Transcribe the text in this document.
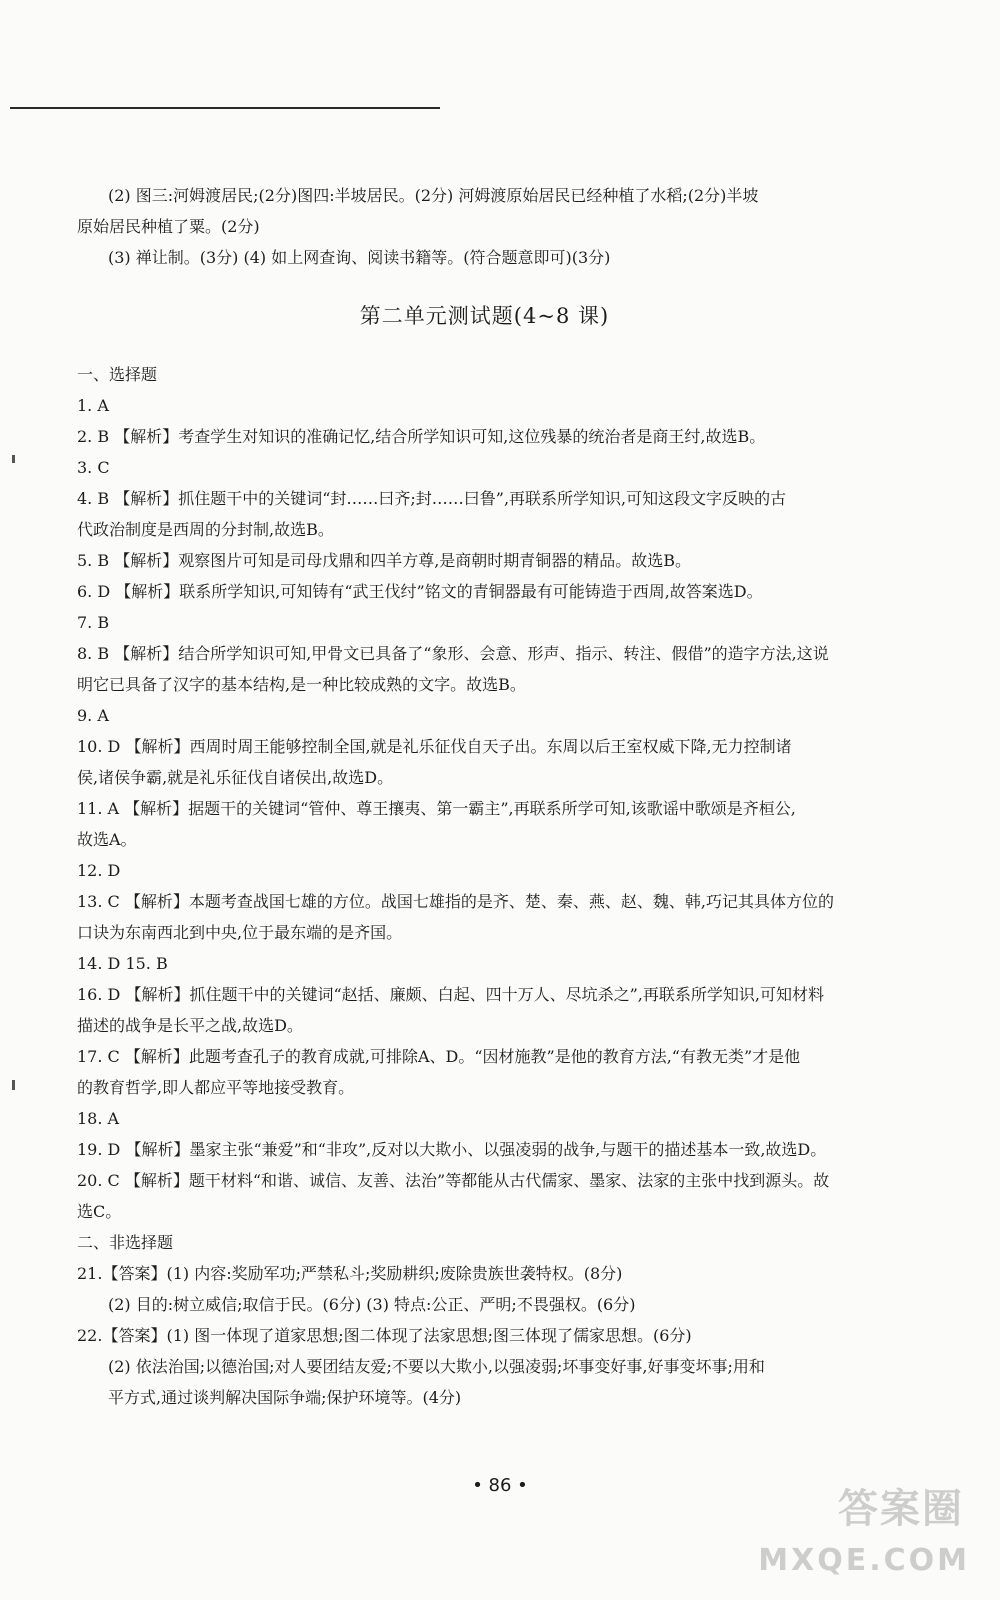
(2) 图三:河姆渡居民;(2分)图四:半坡居民。(2分) 河姆渡原始居民已经种植了水稻;(2分)半坡
原始居民种植了粟。(2分)
(3) 禅让制。(3分) (4) 如上网查询、阅读书籍等。(符合题意即可)(3分)
第二单元测试题(4~8 课)
一、选择题
1. A
2. B 【解析】考查学生对知识的准确记忆,结合所学知识可知,这位残暴的统治者是商王纣,故选B。
3. C
4. B 【解析】抓住题干中的关键词“封……曰齐;封……曰鲁”,再联系所学知识,可知这段文字反映的古
代政治制度是西周的分封制,故选B。
5. B 【解析】观察图片可知是司母戊鼎和四羊方尊,是商朝时期青铜器的精品。故选B。
6. D 【解析】联系所学知识,可知铸有“武王伐纣”铭文的青铜器最有可能铸造于西周,故答案选D。
7. B
8. B 【解析】结合所学知识可知,甲骨文已具备了“象形、会意、形声、指示、转注、假借”的造字方法,这说
明它已具备了汉字的基本结构,是一种比较成熟的文字。故选B。
9. A
10. D 【解析】西周时周王能够控制全国,就是礼乐征伐自天子出。东周以后王室权威下降,无力控制诸
侯,诸侯争霸,就是礼乐征伐自诸侯出,故选D。
11. A 【解析】据题干的关键词“管仲、尊王攘夷、第一霸主”,再联系所学可知,该歌谣中歌颂是齐桓公,
故选A。
12. D
13. C 【解析】本题考查战国七雄的方位。战国七雄指的是齐、楚、秦、燕、赵、魏、韩,巧记其具体方位的
口诀为东南西北到中央,位于最东端的是齐国。
14. D 15. B
16. D 【解析】抓住题干中的关键词“赵括、廉颇、白起、四十万人、尽坑杀之”,再联系所学知识,可知材料
描述的战争是长平之战,故选D。
17. C 【解析】此题考查孔子的教育成就,可排除A、D。“因材施教”是他的教育方法,“有教无类”才是他
的教育哲学,即人都应平等地接受教育。
18. A
19. D 【解析】墨家主张“兼爱”和“非攻”,反对以大欺小、以强凌弱的战争,与题干的描述基本一致,故选D。
20. C 【解析】题干材料“和谐、诚信、友善、法治”等都能从古代儒家、墨家、法家的主张中找到源头。故
选C。
二、非选择题
21.【答案】(1) 内容:奖励军功;严禁私斗;奖励耕织;废除贵族世袭特权。(8分)
(2) 目的:树立威信;取信于民。(6分) (3) 特点:公正、严明;不畏强权。(6分)
22.【答案】(1) 图一体现了道家思想;图二体现了法家思想;图三体现了儒家思想。(6分)
(2) 依法治国;以德治国;对人要团结友爱;不要以大欺小,以强凌弱;坏事变好事,好事变坏事;用和
平方式,通过谈判解决国际争端;保护环境等。(4分)
• 86 •
答案圈
MXQE.COM
